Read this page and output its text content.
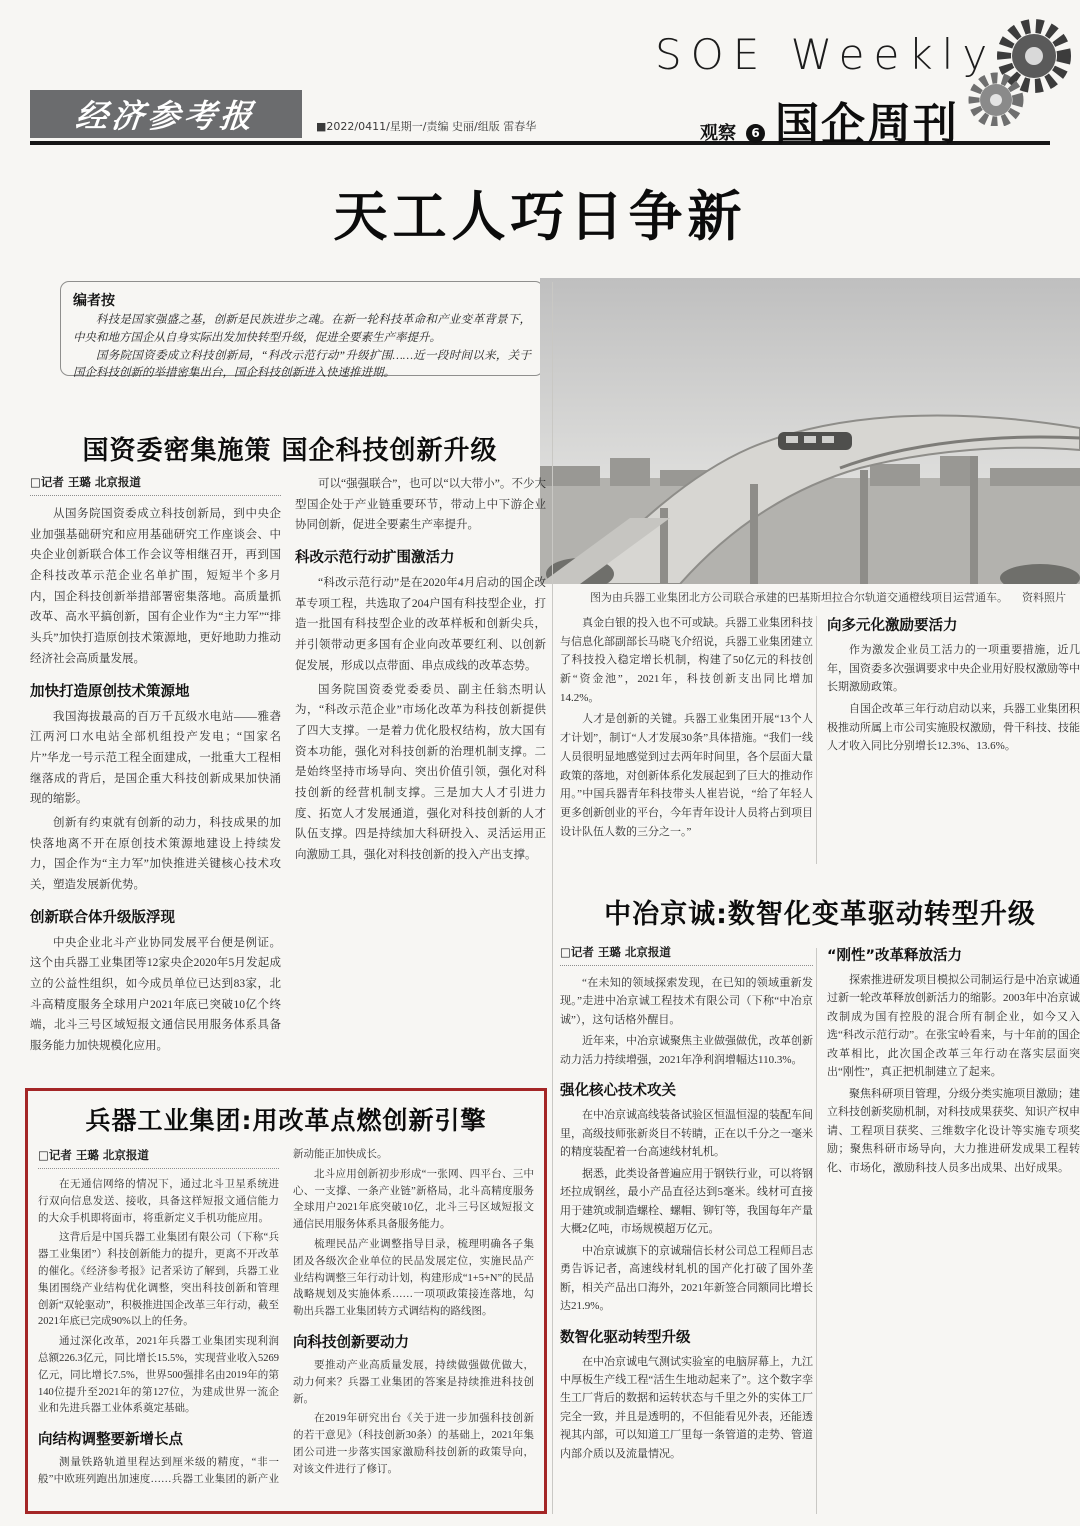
经济参考报	■2022/0411/星期一/责编 史丽/组版 雷春华
SOE Weekly
观察	6 国企周刊
天工人巧日争新
编者按

科技是国家强盛之基，创新是民族进步之魂。在新一轮科技革命和产业变革背景下，中央和地方国企从自身实际出发加快转型升级，促进全要素生产率提升。

国务院国资委成立科技创新局，“科改示范行动”升级扩围……近一段时间以来，关于国企科技创新的举措密集出台，国企科技创新进入快速推进期。

图为由兵器工业集团北方公司联合承建的巴基斯坦拉合尔轨道交通橙线项目运营通车。 资料照片
国资委密集施策 国企科技创新升级
□记者 王璐 北京报道

从国务院国资委成立科技创新局，到中央企业加强基础研究和应用基础研究工作座谈会、中央企业创新联合体工作会议等相继召开，再到国企科技改革示范企业名单扩围，短短半个多月内，国企科技创新举措部署密集落地。高质量抓改革、高水平搞创新，国有企业作为“主力军”“排头兵”加快打造原创技术策源地，更好地助力推动经济社会高质量发展。

加快打造原创技术策源地

我国海拔最高的百万千瓦级水电站——雅砻江两河口水电站全部机组投产发电；“国家名片”华龙一号示范工程全面建成，一批重大工程相继落成的背后，是国企重大科技创新成果加快涌现的缩影。

创新有约束就有创新的动力，科技成果的加快落地离不开在原创技术策源地建设上持续发力，国企作为“主力军”加快推进关键核心技术攻关，塑造发展新优势。

创新联合体升级版浮现

中央企业北斗产业协同发展平台便是例证。这个由兵器工业集团等12家央企2020年5月发起成立的公益性组织，如今成员单位已达到83家，北斗高精度服务全球用户2021年底已突破10亿个终端，北斗三号区域短报文通信民用服务体系具备服务能力加快规模化应用。

可以“强强联合”，也可以“以大带小”。不少大型国企处于产业链重要环节，带动上中下游企业协同创新，促进全要素生产率提升。

科改示范行动扩围激活力

“科改示范行动”是在2020年4月启动的国企改革专项工程，共选取了204户国有科技型企业，打造一批国有科技型企业的改革样板和创新尖兵，并引领带动更多国有企业向改革要红利、以创新促发展，形成以点带面、串点成线的改革态势。

国务院国资委党委委员、副主任翁杰明认为，“科改示范企业”市场化改革为科技创新提供了四大支撑。一是着力优化股权结构，放大国有资本功能，强化对科技创新的治理机制支撑。二是始终坚持市场导向、突出价值引领，强化对科技创新的经营机制支撑。三是加大人才引进力度、拓宽人才发展通道，强化对科技创新的人才队伍支撑。四是持续加大科研投入、灵活运用正向激励工具，强化对科技创新的投入产出支撑。

兵器工业集团:用改革点燃创新引擎
□记者 王璐 北京报道

在无通信网络的情况下，通过北斗卫星系统进行双向信息发送、接收，具备这样短报文通信能力的大众手机即将面市，将重新定义手机功能应用。

这背后是中国兵器工业集团有限公司（下称“兵器工业集团”）科技创新能力的提升，更离不开改革的催化。《经济参考报》记者采访了解到，兵器工业集团围绕产业结构优化调整，突出科技创新和管理创新“双轮驱动”，积极推进国企改革三年行动，截至2021年底已完成90%以上的任务。

通过深化改革，2021年兵器工业集团实现利润总额226.3亿元，同比增长15.5%，实现营业收入5269亿元，同比增长7.5%，世界500强排名由2019年的第140位提升至2021年的第127位，为建成世界一流企业和先进兵器工业体系奠定基础。

向结构调整要新增长点

测量铁路轨道里程达到厘米级的精度，“非一般”中欧班列跑出加速度……兵器工业集团的新产业新动能正加快成长。

北斗应用创新初步形成“一张网、四平台、三中心、一支撑、一条产业链”新格局，北斗高精度服务全球用户2021年底突破10亿，北斗三号区域短报文通信民用服务体系具备服务能力。

梳理民品产业调整指导目录，梳理明确各子集团及各级次企业单位的民品发展定位，实施民品产业结构调整三年行动计划，构建形成“1+5+N”的民品战略规划及实施体系……一项项政策接连落地，勾勒出兵器工业集团转方式调结构的路线图。

向科技创新要动力

要推动产业高质量发展，持续做强做优做大，动力何来？兵器工业集团的答案是持续推进科技创新。

在2019年研究出台《关于进一步加强科技创新的若干意见》（科技创新30条）的基础上，2021年集团公司进一步落实国家激励科技创新的政策导向，对该文件进行了修订。

真金白银的投入也不可或缺。兵器工业集团科技与信息化部副部长马晓飞介绍说，兵器工业集团建立了科技投入稳定增长机制，构建了50亿元的科技创新“资金池”，2021年，科技创新支出同比增加14.2%。

人才是创新的关键。兵器工业集团开展“13个人才计划”，制订“人才发展30条”具体措施。“我们一线人员很明显地感觉到过去两年时间里，各个层面大量政策的落地，对创新体系化发展起到了巨大的推动作用。”中国兵器青年科技带头人崔岩说，“给了年轻人更多创新创业的平台，今年青年设计人员将占到项目设计队伍人数的三分之一。”

向多元化激励要活力

作为激发企业员工活力的一项重要措施，近几年，国资委多次强调要求中央企业用好股权激励等中长期激励政策。

自国企改革三年行动启动以来，兵器工业集团积极推动所属上市公司实施股权激励，骨干科技、技能人才收入同比分别增长12.3%、13.6%。

中冶京诚:数智化变革驱动转型升级
□记者 王璐 北京报道

“在未知的领域探索发现，在已知的领域重新发现。”走进中冶京诚工程技术有限公司（下称“中冶京诚”），这句话格外醒目。

近年来，中冶京诚聚焦主业做强做优，改革创新动力活力持续增强，2021年净利润增幅达110.3%。

强化核心技术攻关

在中冶京诚高线装备试验区恒温恒湿的装配车间里，高级技师张新炎目不转睛，正在以千分之一毫米的精度装配着一台高速线材轧机。

据悉，此类设备普遍应用于钢铁行业，可以将钢坯拉成钢丝，最小产品直径达到5毫米。线材可直接用于建筑或制造螺栓、螺帽、铆钉等，我国每年产量大概2亿吨，市场规模超万亿元。

中冶京诚旗下的京诚瑞信长材公司总工程师吕志勇告诉记者，高速线材轧机的国产化打破了国外垄断，相关产品出口海外，2021年新签合同额同比增长达21.9%。

数智化驱动转型升级

在中冶京诚电气测试实验室的电脑屏幕上，九江中厚板生产线工程“活生生地动起来了”。这个数字孪生工厂背后的数据和运转状态与千里之外的实体工厂完全一致，并且是透明的，不但能看见外表，还能透视其内部，可以知道工厂里每一条管道的走势、管道内部介质以及流量情况。

“刚性”改革释放活力

探索推进研发项目模拟公司制运行是中冶京诚通过新一轮改革释放创新活力的缩影。2003年中冶京诚改制成为国有控股的混合所有制企业，如今又入选“科改示范行动”。在张宝岭看来，与十年前的国企改革相比，此次国企改革三年行动在落实层面突出“刚性”，真正把机制建立了起来。

聚焦科研项目管理，分级分类实施项目激励；建立科技创新奖励机制，对科技成果获奖、知识产权申请、工程项目获奖、三维数字化设计等实施专项奖励；聚焦科研市场导向，大力推进研发成果工程转化、市场化，激励科技人员多出成果、出好成果。
